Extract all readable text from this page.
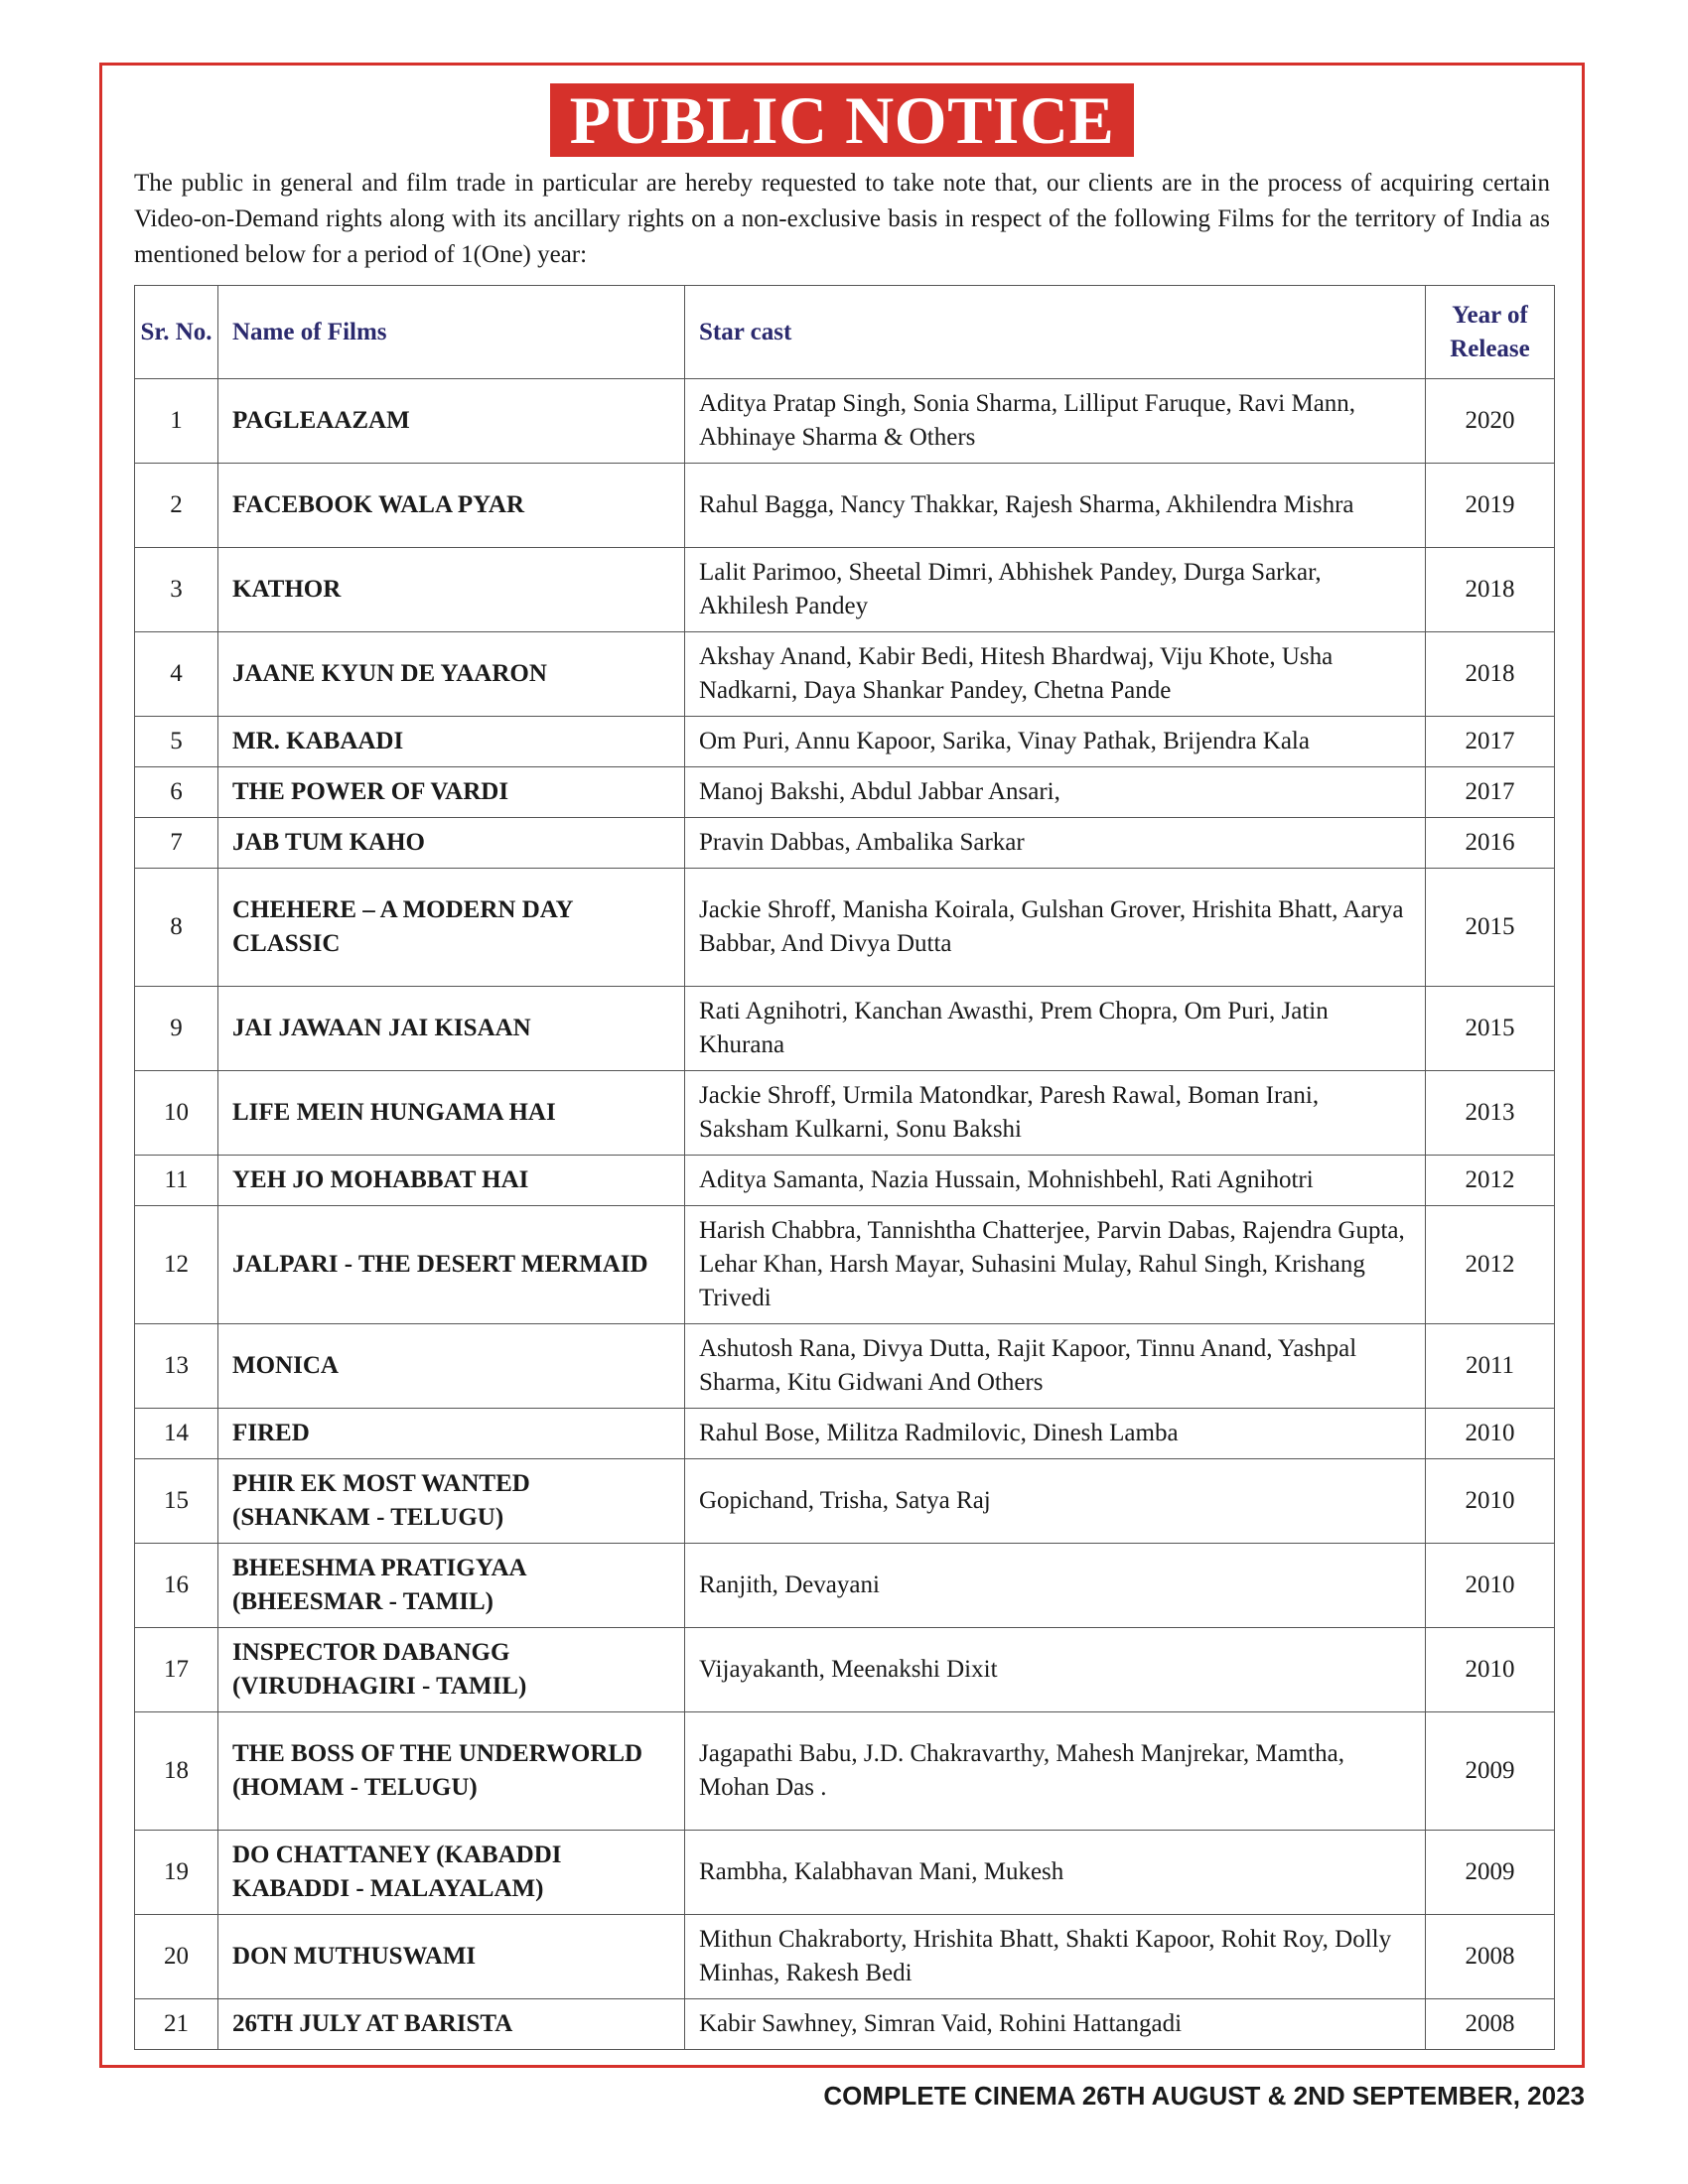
PUBLIC NOTICE
The public in general and film trade in particular are hereby requested to take note that, our clients are in the process of acquiring certain Video-on-Demand rights along with its ancillary rights on a non-exclusive basis in respect of the following Films for the territory of India as mentioned below for a period of 1(One) year:
Sr. No.	Name of Films	Star cast	Year of Release
1	PAGLEAAZAM	Aditya Pratap Singh, Sonia Sharma, Lilliput Faruque, Ravi Mann, Abhinaye Sharma & Others	2020
2	FACEBOOK WALA PYAR	Rahul Bagga, Nancy Thakkar, Rajesh Sharma, Akhilendra Mishra	2019
3	KATHOR	Lalit Parimoo, Sheetal Dimri, Abhishek Pandey, Durga Sarkar, Akhilesh Pandey	2018
4	JAANE KYUN DE YAARON	Akshay Anand, Kabir Bedi, Hitesh Bhardwaj, Viju Khote, Usha Nadkarni, Daya Shankar Pandey, Chetna Pande	2018
5	MR. KABAADI	Om Puri, Annu Kapoor, Sarika, Vinay Pathak, Brijendra Kala	2017
6	THE POWER OF VARDI	Manoj Bakshi, Abdul Jabbar Ansari,	2017
7	JAB TUM KAHO	Pravin Dabbas, Ambalika Sarkar	2016
8	CHEHERE – A MODERN DAY CLASSIC	Jackie Shroff, Manisha Koirala, Gulshan Grover, Hrishita Bhatt, Aarya Babbar, And Divya Dutta	2015
9	JAI JAWAAN JAI KISAAN	Rati Agnihotri, Kanchan Awasthi, Prem Chopra, Om Puri, Jatin Khurana	2015
10	LIFE MEIN HUNGAMA HAI	Jackie Shroff, Urmila Matondkar, Paresh Rawal, Boman Irani, Saksham Kulkarni, Sonu Bakshi	2013
11	YEH JO MOHABBAT HAI	Aditya Samanta, Nazia Hussain, Mohnishbehl, Rati Agnihotri	2012
12	JALPARI - THE DESERT MERMAID	Harish Chabbra, Tannishtha Chatterjee, Parvin Dabas, Rajendra Gupta, Lehar Khan, Harsh Mayar, Suhasini Mulay, Rahul Singh, Krishang Trivedi	2012
13	MONICA	Ashutosh Rana, Divya Dutta, Rajit Kapoor, Tinnu Anand, Yashpal Sharma, Kitu Gidwani And Others	2011
14	FIRED	Rahul Bose, Militza Radmilovic, Dinesh Lamba	2010
15	PHIR EK MOST WANTED (SHANKAM - TELUGU)	Gopichand, Trisha, Satya Raj	2010
16	BHEESHMA PRATIGYAA (BHEESMAR - TAMIL)	Ranjith, Devayani	2010
17	INSPECTOR DABANGG (VIRUDHAGIRI - TAMIL)	Vijayakanth, Meenakshi Dixit	2010
18	THE BOSS OF THE UNDERWORLD (HOMAM - TELUGU)	Jagapathi Babu, J.D. Chakravarthy, Mahesh Manjrekar, Mamtha, Mohan Das .	2009
19	DO CHATTANEY (KABADDI KABADDI - MALAYALAM)	Rambha, Kalabhavan Mani, Mukesh	2009
20	DON MUTHUSWAMI	Mithun Chakraborty, Hrishita Bhatt, Shakti Kapoor, Rohit Roy, Dolly Minhas, Rakesh Bedi	2008
21	26TH JULY AT BARISTA	Kabir Sawhney, Simran Vaid, Rohini Hattangadi	2008
COMPLETE CINEMA 26TH AUGUST & 2ND SEPTEMBER, 2023
